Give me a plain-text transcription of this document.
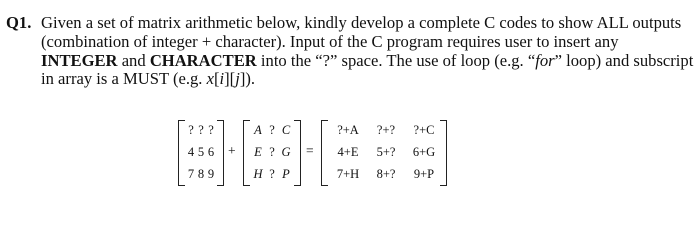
Q1. Given a set of matrix arithmetic below, kindly develop a complete C codes to show ALL outputs (combination of integer + character). Input of the C program requires user to insert any INTEGER and CHARACTER into the “?” space. The use of loop (e.g. “for” loop) and subscript in array is a MUST (e.g. x[i][j]).
? ? ?
4 5 6
7 8 9
+
A ? C
E ? G
H ? P
=
?+A	?+?	?+C
4+E	5+?	6+G
7+H	8+?	9+P
